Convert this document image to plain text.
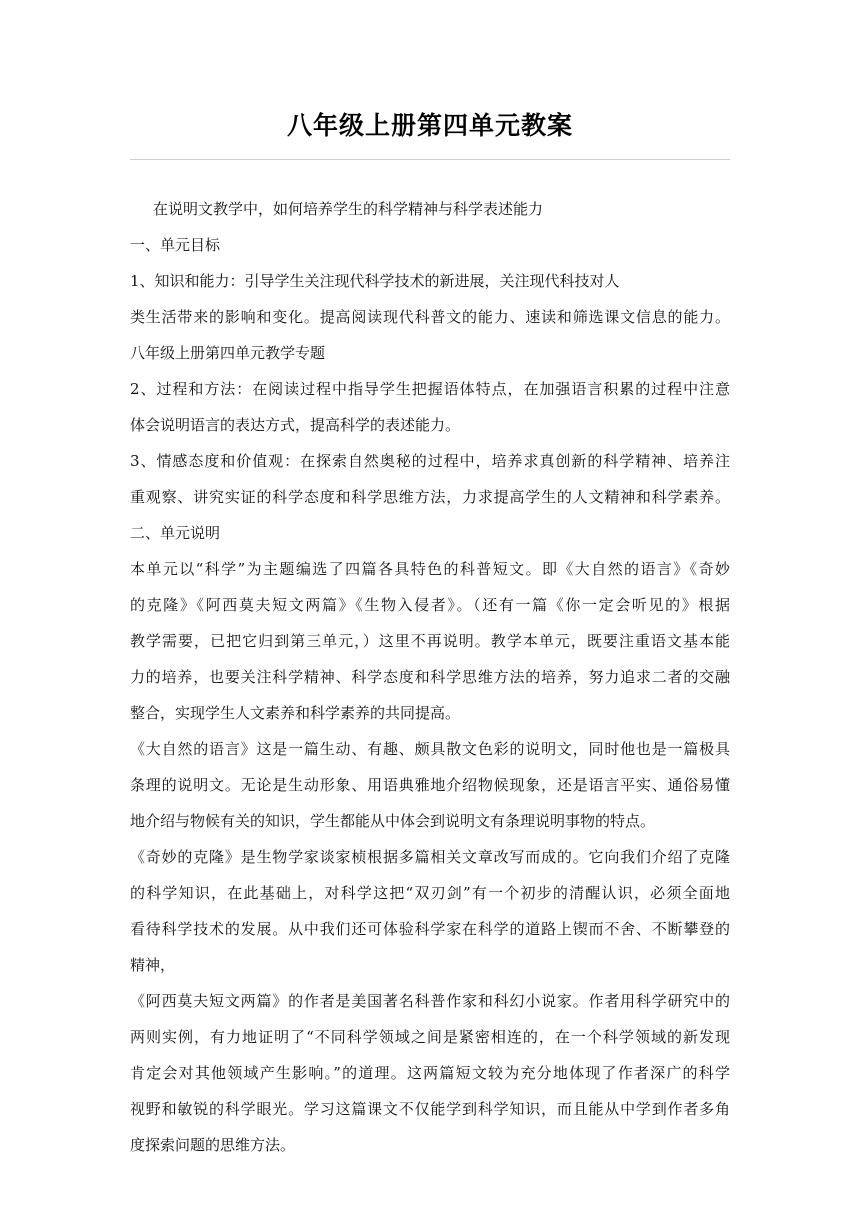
八年级上册第四单元教案
在说明文教学中，如何培养学生的科学精神与科学表述能力
一、单元目标
1、知识和能力：引导学生关注现代科学技术的新进展，关注现代科技对人
类生活带来的影响和变化。提高阅读现代科普文的能力、速读和筛选课文信息的能力。
八年级上册第四单元教学专题
2、过程和方法：在阅读过程中指导学生把握语体特点，在加强语言积累的过程中注意
体会说明语言的表达方式，提高科学的表述能力。
3、情感态度和价值观：在探索自然奥秘的过程中，培养求真创新的科学精神、培养注
重观察、讲究实证的科学态度和科学思维方法，力求提高学生的人文精神和科学素养。
二、单元说明
本单元以“科学”为主题编选了四篇各具特色的科普短文。即《大自然的语言》《奇妙
的克隆》《阿西莫夫短文两篇》《生物入侵者》。（还有一篇《你一定会听见的》根据
教学需要，已把它归到第三单元，）这里不再说明。教学本单元，既要注重语文基本能
力的培养，也要关注科学精神、科学态度和科学思维方法的培养，努力追求二者的交融
整合，实现学生人文素养和科学素养的共同提高。
《大自然的语言》这是一篇生动、有趣、颇具散文色彩的说明文，同时他也是一篇极具
条理的说明文。无论是生动形象、用语典雅地介绍物候现象，还是语言平实、通俗易懂
地介绍与物候有关的知识，学生都能从中体会到说明文有条理说明事物的特点。
《奇妙的克隆》是生物学家谈家桢根据多篇相关文章改写而成的。它向我们介绍了克隆
的科学知识，在此基础上，对科学这把“双刃剑”有一个初步的清醒认识，必须全面地
看待科学技术的发展。从中我们还可体验科学家在科学的道路上锲而不舍、不断攀登的
精神，
《阿西莫夫短文两篇》的作者是美国著名科普作家和科幻小说家。作者用科学研究中的
两则实例，有力地证明了“不同科学领域之间是紧密相连的，在一个科学领域的新发现
肯定会对其他领域产生影响。”的道理。这两篇短文较为充分地体现了作者深广的科学
视野和敏锐的科学眼光。学习这篇课文不仅能学到科学知识，而且能从中学到作者多角
度探索问题的思维方法。
